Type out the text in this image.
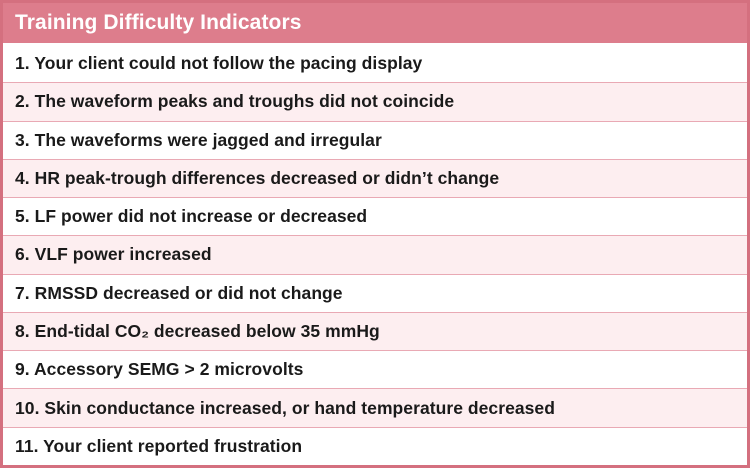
Training Difficulty Indicators
1. Your client could not follow the pacing display
2. The waveform peaks and troughs did not coincide
3. The waveforms were jagged and irregular
4. HR peak-trough differences decreased or didn’t change
5. LF power did not increase or decreased
6. VLF power increased
7. RMSSD decreased or did not change
8. End-tidal CO₂ decreased below 35 mmHg
9. Accessory SEMG > 2 microvolts
10. Skin conductance increased, or hand temperature decreased
11. Your client reported frustration
